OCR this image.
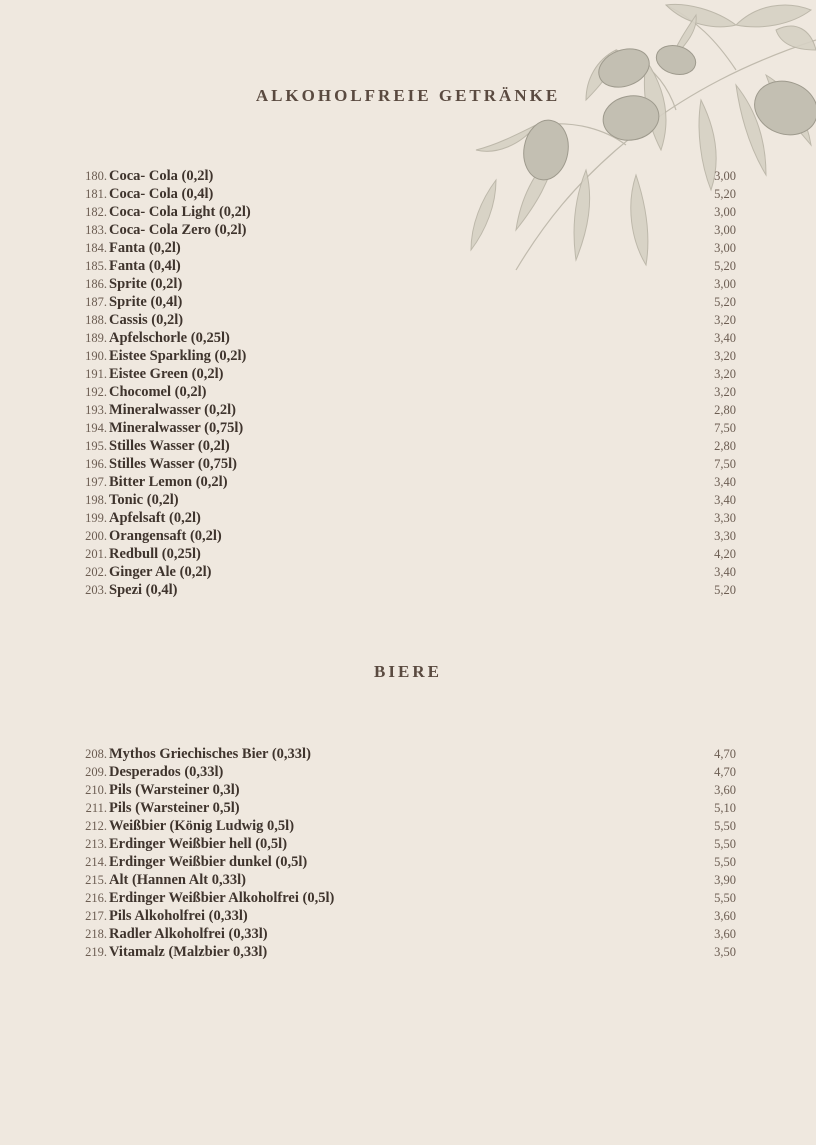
ALKOHOLFREIE GETRÄNKE
180. Coca- Cola (0,2l)	3,00
181. Coca- Cola (0,4l)	5,20
182. Coca- Cola Light (0,2l)	3,00
183. Coca- Cola Zero (0,2l)	3,00
184. Fanta (0,2l)	3,00
185. Fanta (0,4l)	5,20
186. Sprite (0,2l)	3,00
187. Sprite (0,4l)	5,20
188. Cassis (0,2l)	3,20
189. Apfelschorle (0,25l)	3,40
190. Eistee Sparkling (0,2l)	3,20
191. Eistee Green (0,2l)	3,20
192. Chocomel (0,2l)	3,20
193. Mineralwasser (0,2l)	2,80
194. Mineralwasser (0,75l)	7,50
195. Stilles Wasser (0,2l)	2,80
196. Stilles Wasser (0,75l)	7,50
197. Bitter Lemon (0,2l)	3,40
198. Tonic (0,2l)	3,40
199. Apfelsaft (0,2l)	3,30
200. Orangensaft (0,2l)	3,30
201. Redbull (0,25l)	4,20
202. Ginger Ale (0,2l)	3,40
203. Spezi (0,4l)	5,20
BIERE
208. Mythos Griechisches Bier (0,33l)	4,70
209. Desperados (0,33l)	4,70
210. Pils (Warsteiner 0,3l)	3,60
211. Pils (Warsteiner 0,5l)	5,10
212. Weißbier (König Ludwig 0,5l)	5,50
213. Erdinger Weißbier hell (0,5l)	5,50
214. Erdinger Weißbier dunkel (0,5l)	5,50
215. Alt (Hannen Alt 0,33l)	3,90
216. Erdinger Weißbier Alkoholfrei (0,5l)	5,50
217. Pils Alkoholfrei (0,33l)	3,60
218. Radler Alkoholfrei (0,33l)	3,60
219. Vitamalz (Malzbier 0,33l)	3,50
